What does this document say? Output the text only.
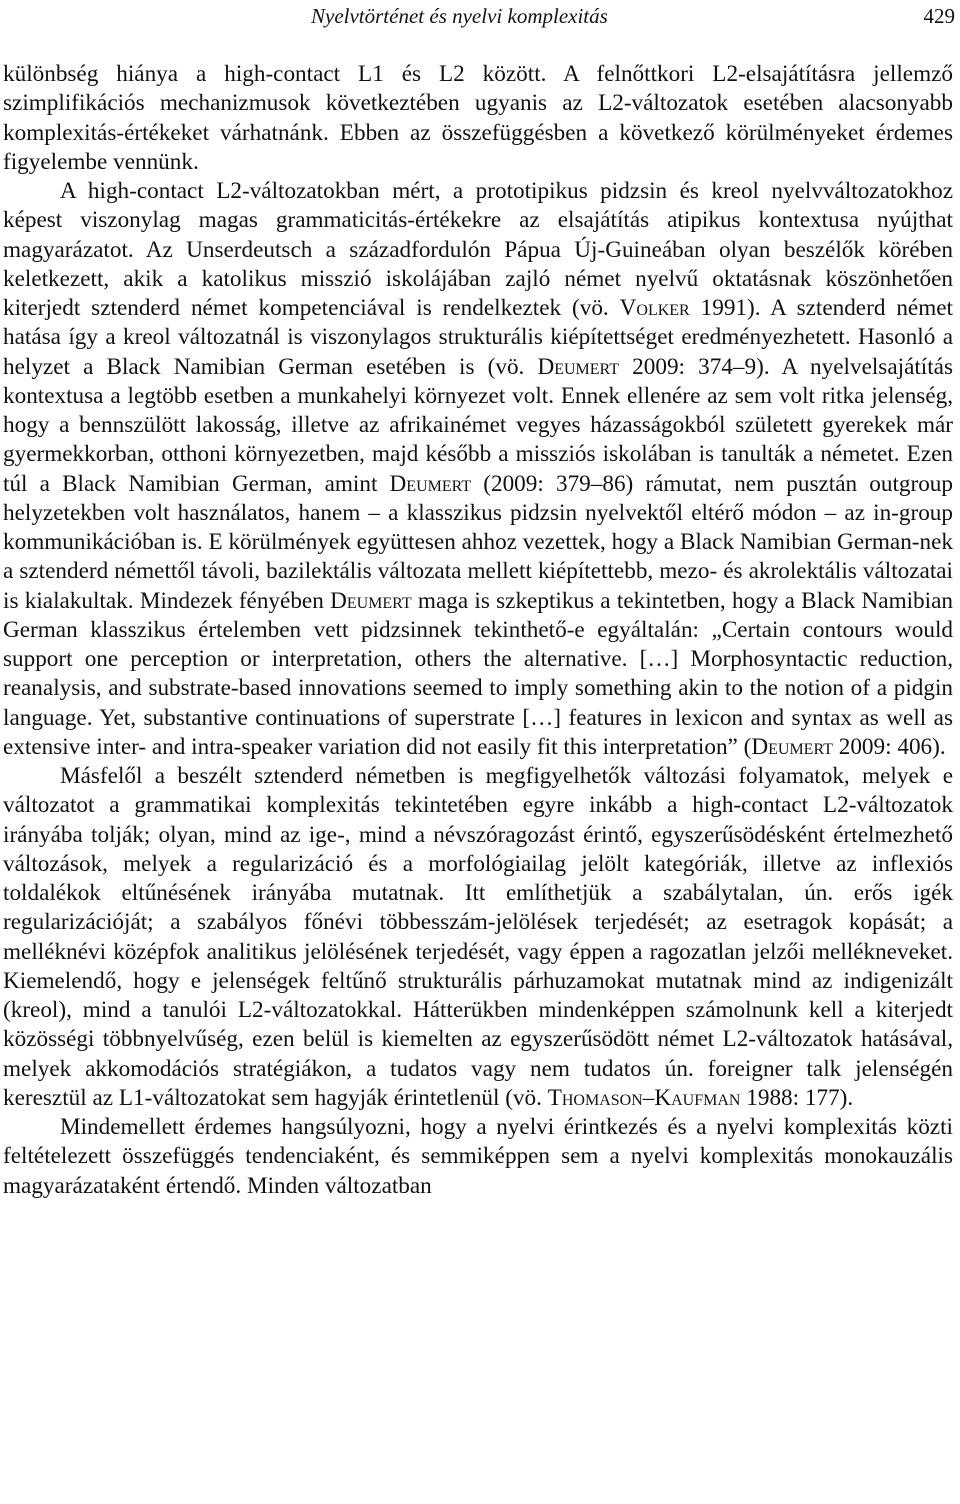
Nyelvtörténet és nyelvi komplexitás	429

különbség hiánya a high-contact L1 és L2 között. A felnőttkori L2-elsajátításra jellemző szimplifikációs mechanizmusok következtében ugyanis az L2-változatok esetében alacsonyabb komplexitás-értékeket várhatnánk. Ebben az összefüggésben a következő körülményeket érdemes figyelembe vennünk.

A high-contact L2-változatokban mért, a prototipikus pidzsin és kreol nyelvváltozatokhoz képest viszonylag magas grammaticitás-értékekre az elsajátítás atipikus kontextusa nyújthat magyarázatot. Az Unserdeutsch a századfordulón Pápua Új-Guineában olyan beszélők körében keletkezett, akik a katolikus misszió iskolájában zajló német nyelvű oktatásnak köszönhetően kiterjedt sztenderd német kompetenciával is rendelkeztek (vö. Volker 1991). A sztenderd német hatása így a kreol változatnál is viszonylagos strukturális kiépítettséget eredményezhetett. Hasonló a helyzet a Black Namibian German esetében is (vö. Deumert 2009: 374–9). A nyelvelsajátítás kontextusa a legtöbb esetben a munkahelyi környezet volt. Ennek ellenére az sem volt ritka jelenség, hogy a bennszülött lakosság, illetve az afrikainémet vegyes házasságokból született gyerekek már gyermekkorban, otthoni környezetben, majd később a missziós iskolában is tanulták a németet. Ezen túl a Black Namibian German, amint Deumert (2009: 379–86) rámutat, nem pusztán outgroup helyzetekben volt használatos, hanem – a klasszikus pidzsin nyelvektől eltérő módon – az in-group kommunikációban is. E körülmények együttesen ahhoz vezettek, hogy a Black Namibian German-nek a sztenderd némettől távoli, bazilektális változata mellett kiépítettebb, mezo- és akrolektális változatai is kialakultak. Mindezek fényében Deumert maga is szkeptikus a tekintetben, hogy a Black Namibian German klasszikus értelemben vett pidzsinnek tekinthető-e egyáltalán: „Certain contours would support one perception or interpretation, others the alternative. […] Morphosyntactic reduction, reanalysis, and substrate-based innovations seemed to imply something akin to the notion of a pidgin language. Yet, substantive continuations of superstrate […] features in lexicon and syntax as well as extensive inter- and intra-speaker variation did not easily fit this interpretation” (Deumert 2009: 406).

Másfelől a beszélt sztenderd németben is megfigyelhetők változási folyamatok, melyek e változatot a grammatikai komplexitás tekintetében egyre inkább a high-contact L2-változatok irányába tolják; olyan, mind az ige-, mind a névszóragozást érintő, egyszerűsödésként értelmezhető változások, melyek a regularizáció és a morfológiailag jelölt kategóriák, illetve az inflexiós toldalékok eltűnésének irányába mutatnak. Itt említhetjük a szabálytalan, ún. erős igék regularizációját; a szabályos főnévi többesszám-jelölések terjedését; az esetragok kopását; a melléknévi középfok analitikus jelölésének terjedését, vagy éppen a ragozatlan jelzői mellékneveket. Kiemelendő, hogy e jelenségek feltűnő strukturális párhuzamokat mutatnak mind az indigenizált (kreol), mind a tanulói L2-változatokkal. Hátterükben mindenképpen számolnunk kell a kiterjedt közösségi többnyelvűség, ezen belül is kiemelten az egyszerűsödött német L2-változatok hatásával, melyek akkomodációs stratégiákon, a tudatos vagy nem tudatos ún. foreigner talk jelenségén keresztül az L1-változatokat sem hagyják érintetlenül (vö. Thomason–Kaufman 1988: 177).

Mindemellett érdemes hangsúlyozni, hogy a nyelvi érintkezés és a nyelvi komplexitás közti feltételezett összefüggés tendenciaként, és semmiképpen sem a nyelvi komplexitás monokauzális magyarázataként értendő. Minden változatban
